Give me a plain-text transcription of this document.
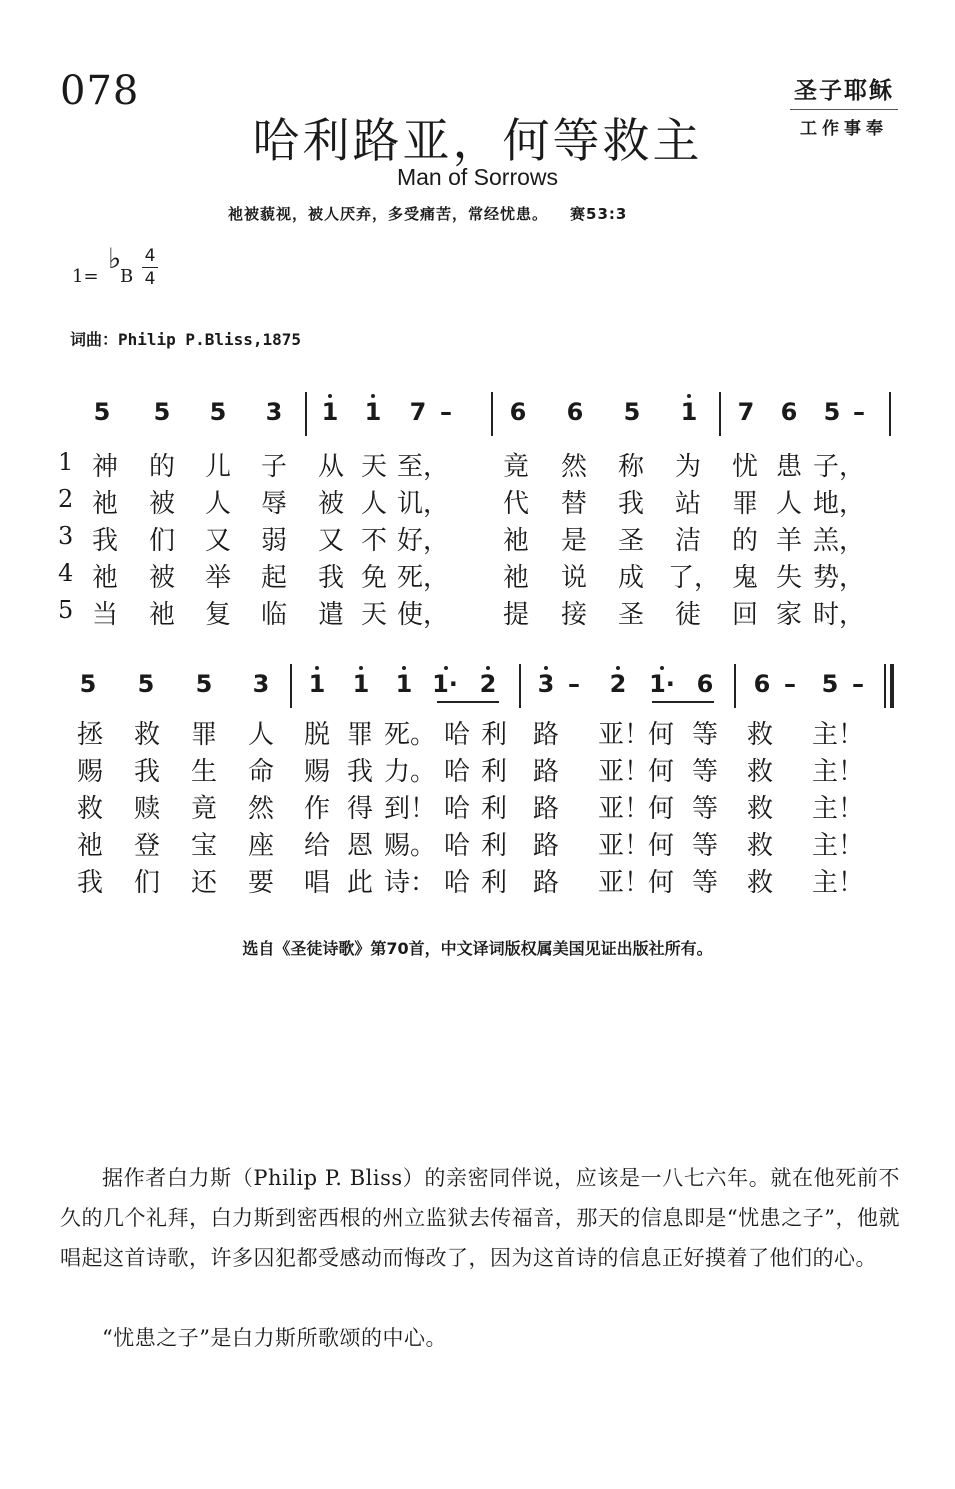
078	圣子耶稣
工作事奉
哈利路亚，何等救主
Man of Sorrows
祂被藐视，被人厌弃，多受痛苦，常经忧患。 赛53:3
1=
♭
B
4
4
词曲：Philip P.Bliss,1875
5	5	5	3	1	1	7 –	6	6	5	1	7	6	5 –
1 神 的 儿 子 从 天 至， 竟 然 称 为 忧 患 子，
2 祂 被 人 辱 被 人 讥， 代 替 我 站 罪 人 地，
3 我 们 又 弱 又 不 好， 祂 是 圣 洁 的 羊 羔，
4 祂 被 举 起 我 免 死， 祂 说 成 了， 鬼 失 势，
5 当 祂 复 临 遣 天 使， 提 接 圣 徒 回 家 时，
5	5	5	3	1	1	1 1· 2	3 –	2 1· 6	6 –	5 –
拯 救 罪 人 脱 罪 死。 哈 利 路 亚！
何 等 救 主！
赐 我 生 命 赐 我 力。 哈 利 路 亚！
何 等 救 主！
救 赎 竟 然 作 得 到！ 哈 利 路 亚！
何 等 救 主！
祂 登 宝 座 给 恩 赐。 哈 利 路 亚！
何 等 救 主！
我 们 还 要 唱 此 诗： 哈 利 路 亚！
何 等 救 主！
选自《圣徒诗歌》第70首，中文译词版权属美国见证出版社所有。
据作者白力斯（Philip P. Bliss）的亲密同伴说，应该是一八七六年。就在他死前不久的几个礼拜，白力斯到密西根的州立监狱去传福音，那天的信息即是“忧患之子”，他就唱起这首诗歌，许多囚犯都受感动而悔改了，因为这首诗的信息正好摸着了他们的心。
“忧患之子”是白力斯所歌颂的中心。
